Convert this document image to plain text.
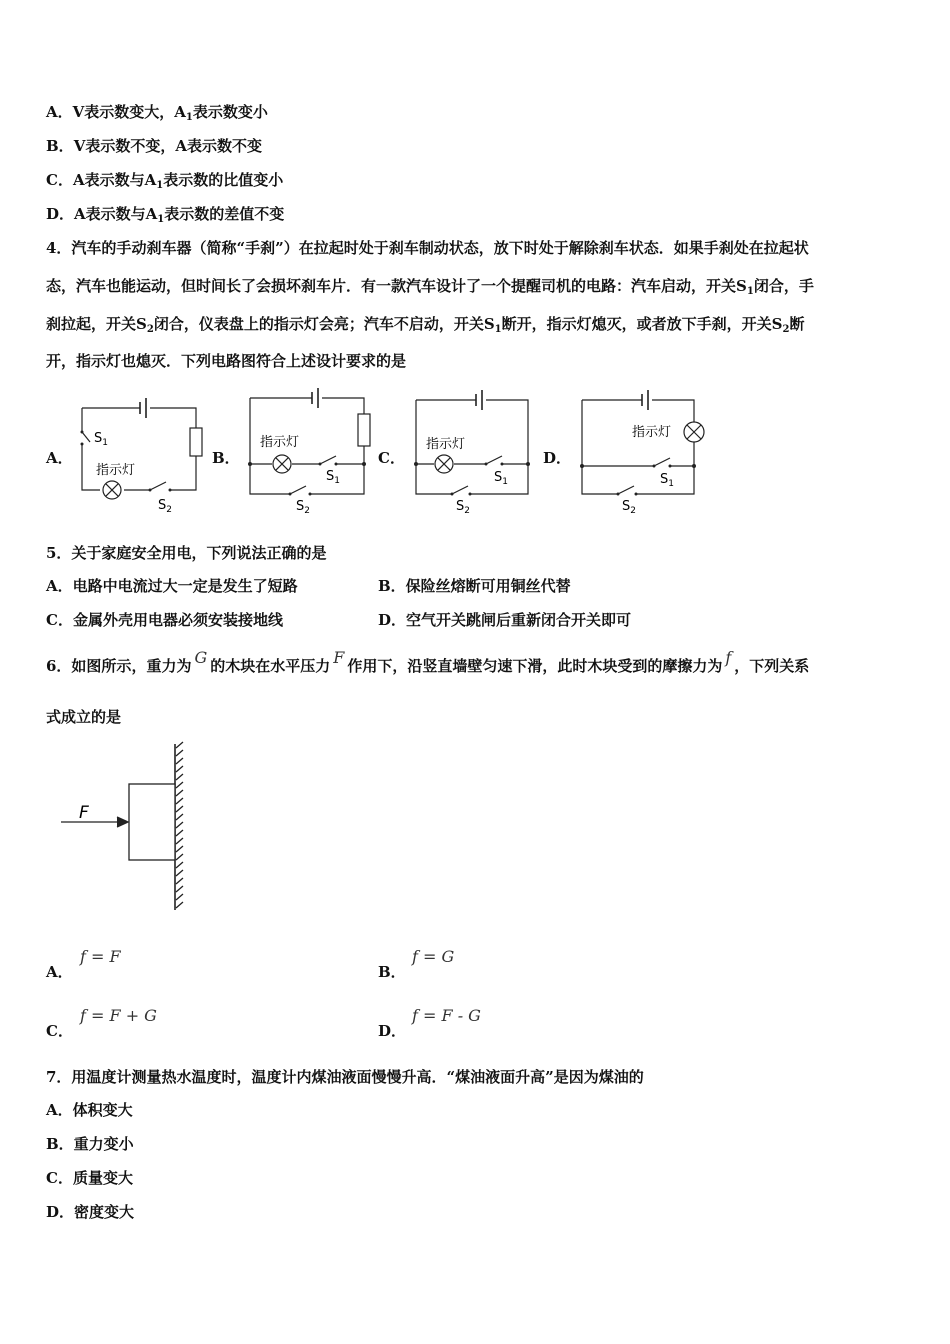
A．V表示数变大，$A_1$表示数变小
B．V表示数不变，A表示数不变
C．A表示数与$A_1$表示数的比值变小
D．A表示数与$A_1$表示数的差值不变
4．汽车的手动刹车器（简称“手刹”）在拉起时处于刹车制动状态，放下时处于解除刹车状态．如果手刹处在拉起状
态，汽车也能运动，但时间长了会损坏刹车片．有一款汽车设计了一个提醒司机的电路：汽车启动，开关$S_1$闭合，手
刹拉起，开关$S_2$闭合，仪表盘上的指示灯会亮；汽车不启动，开关$S_1$断开，指示灯熄灭，或者放下手刹，开关$S_2$断
开，指示灯也熄灭．下列电路图符合上述设计要求的是
A．	B．	C．	D．
$S_1$
指示灯
$S_2$
指示灯
$S_1$
$S_2$
指示灯
$S_1$
$S_2$
指示灯
$S_1$
$S_2$
5．关于家庭安全用电，下列说法正确的是
A．电路中电流过大一定是发生了短路	B．保险丝熔断可用铜丝代替
C．金属外壳用电器必须安装接地线	D．空气开关跳闸后重新闭合开关即可
6．如图所示，重力为 G 的木块在水平压力 F 作用下，沿竖直墙壁匀速下滑，此时木块受到的摩擦力为 f ，下列关系
式成立的是
F
A．
f = F
B．
f = G
C．
f = F + G
D．
f = F - G
7．用温度计测量热水温度时，温度计内煤油液面慢慢升高．“煤油液面升高”是因为煤油的
A．体积变大
B．重力变小
C．质量变大
D．密度变大
